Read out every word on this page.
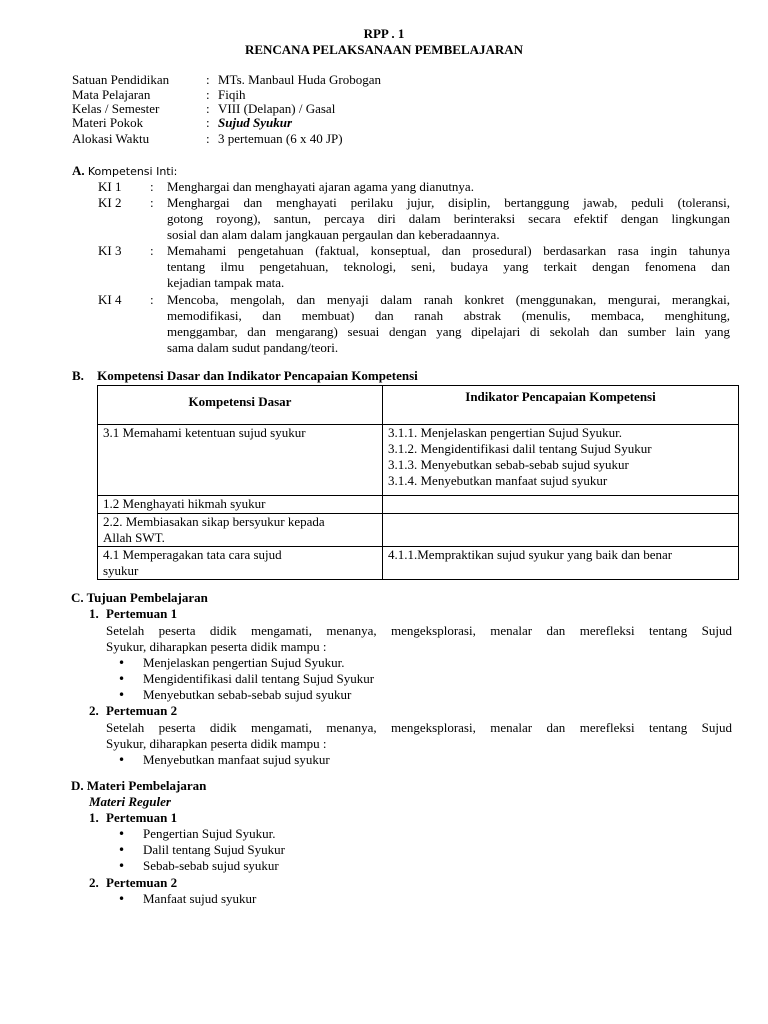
RPP . 1
RENCANA PELAKSANAAN PEMBELAJARAN
Satuan Pendidikan	: MTs. Manbaul Huda Grobogan
Mata Pelajaran	: Fiqih
Kelas / Semester	: VIII (Delapan) / Gasal
Materi Pokok	: Sujud Syukur
Alokasi Waktu	: 3 pertemuan (6 x 40 JP)
A. Kompetensi Inti:
KI 1 : Menghargai dan menghayati ajaran agama yang dianutnya.
KI 2 : Menghargai dan menghayati perilaku jujur, disiplin, bertanggung jawab, peduli (toleransi,
gotong royong), santun, percaya diri dalam berinteraksi secara efektif dengan lingkungan
sosial dan alam dalam jangkauan pergaulan dan keberadaannya.
KI 3 : Memahami pengetahuan (faktual, konseptual, dan prosedural) berdasarkan rasa ingin tahunya
tentang ilmu pengetahuan, teknologi, seni, budaya yang terkait dengan fenomena dan
kejadian tampak mata.
KI 4 : Mencoba, mengolah, dan menyaji dalam ranah konkret (menggunakan, mengurai, merangkai,
memodifikasi, dan membuat) dan ranah abstrak (menulis, membaca, menghitung,
menggambar, dan mengarang) sesuai dengan yang dipelajari di sekolah dan sumber lain yang
sama dalam sudut pandang/teori.
B. Kompetensi Dasar dan Indikator Pencapaian Kompetensi
Kompetensi Dasar	Indikator Pencapaian Kompetensi

3.1 Memahami ketentuan sujud syukur	3.1.1. Menjelaskan pengertian Sujud Syukur.
3.1.2. Mengidentifikasi dalil tentang Sujud Syukur
3.1.3. Menyebutkan sebab-sebab sujud syukur
3.1.4. Menyebutkan manfaat sujud syukur

1.2 Menghayati hikmah syukur	

2.2. Membiasakan sikap bersyukur kepada
Allah SWT.	

4.1 Memperagakan tata cara sujud
syukur	4.1.1.Mempraktikan sujud syukur yang baik dan benar
C. Tujuan Pembelajaran
1. Pertemuan 1
Setelah peserta didik mengamati, menanya, mengeksplorasi, menalar dan merefleksi tentang Sujud
Syukur, diharapkan peserta didik mampu :
• Menjelaskan pengertian Sujud Syukur.
• Mengidentifikasi dalil tentang Sujud Syukur
• Menyebutkan sebab-sebab sujud syukur
2. Pertemuan 2
Setelah peserta didik mengamati, menanya, mengeksplorasi, menalar dan merefleksi tentang Sujud
Syukur, diharapkan peserta didik mampu :
• Menyebutkan manfaat sujud syukur
D. Materi Pembelajaran
Materi Reguler
1. Pertemuan 1
• Pengertian Sujud Syukur.
• Dalil tentang Sujud Syukur
• Sebab-sebab sujud syukur
2. Pertemuan 2
• Manfaat sujud syukur
